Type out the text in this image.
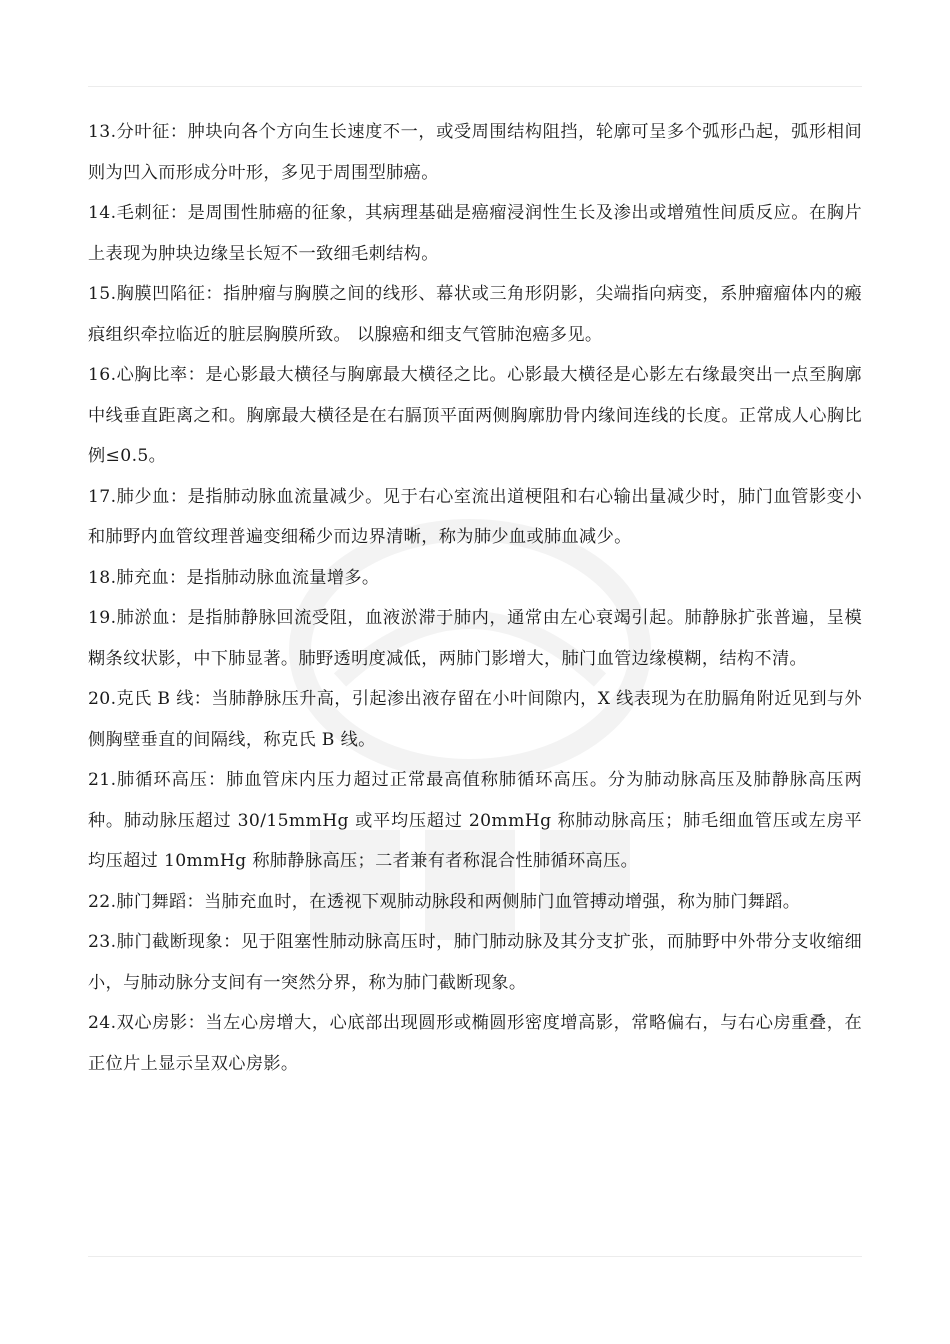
13.分叶征：肿块向各个方向生长速度不一，或受周围结构阻挡，轮廓可呈多个弧形凸起，弧形相间则为凹入而形成分叶形，多见于周围型肺癌。

14.毛刺征：是周围性肺癌的征象，其病理基础是癌瘤浸润性生长及渗出或增殖性间质反应。在胸片上表现为肿块边缘呈长短不一致细毛刺结构。

15.胸膜凹陷征：指肿瘤与胸膜之间的线形、幕状或三角形阴影，尖端指向病变，系肿瘤瘤体内的瘢痕组织牵拉临近的脏层胸膜所致。 以腺癌和细支气管肺泡癌多见。

16.心胸比率：是心影最大横径与胸廓最大横径之比。心影最大横径是心影左右缘最突出一点至胸廓中线垂直距离之和。胸廓最大横径是在右膈顶平面两侧胸廓肋骨内缘间连线的长度。正常成人心胸比例≤0.5。

17.肺少血：是指肺动脉血流量减少。见于右心室流出道梗阻和右心输出量减少时，肺门血管影变小和肺野内血管纹理普遍变细稀少而边界清晰，称为肺少血或肺血减少。

18.肺充血：是指肺动脉血流量增多。

19.肺淤血：是指肺静脉回流受阻，血液淤滞于肺内，通常由左心衰竭引起。肺静脉扩张普遍，呈模糊条纹状影，中下肺显著。肺野透明度减低，两肺门影增大，肺门血管边缘模糊，结构不清。

20.克氏 B 线：当肺静脉压升高，引起渗出液存留在小叶间隙内，X 线表现为在肋膈角附近见到与外侧胸壁垂直的间隔线，称克氏 B 线。

21.肺循环高压：肺血管床内压力超过正常最高值称肺循环高压。分为肺动脉高压及肺静脉高压两种。肺动脉压超过 30/15mmHg 或平均压超过 20mmHg 称肺动脉高压；肺毛细血管压或左房平均压超过 10mmHg 称肺静脉高压；二者兼有者称混合性肺循环高压。

22.肺门舞蹈：当肺充血时，在透视下观肺动脉段和两侧肺门血管搏动增强，称为肺门舞蹈。

23.肺门截断现象：见于阻塞性肺动脉高压时，肺门肺动脉及其分支扩张，而肺野中外带分支收缩细小，与肺动脉分支间有一突然分界，称为肺门截断现象。

24.双心房影：当左心房增大，心底部出现圆形或椭圆形密度增高影，常略偏右，与右心房重叠，在正位片上显示呈双心房影。
